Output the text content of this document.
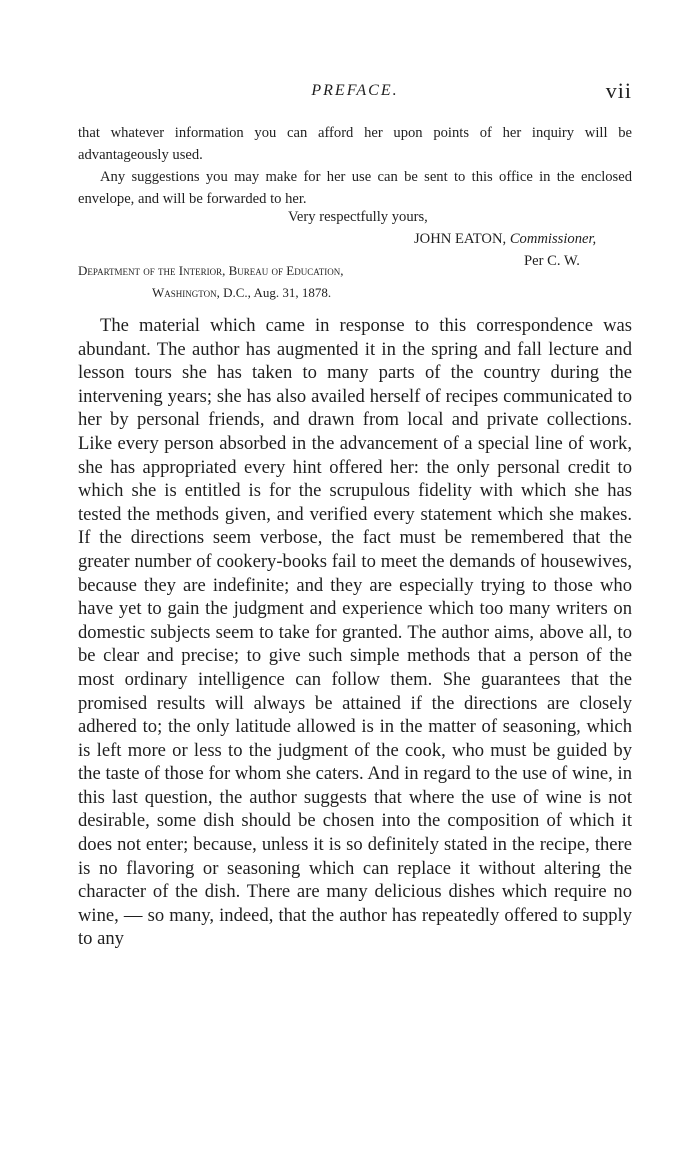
PREFACE.	vii

that whatever information you can afford her upon points of her inquiry will be advantageously used.

Any suggestions you may make for her use can be sent to this office in the enclosed envelope, and will be forwarded to her.

Very respectfully yours,
JOHN EATON, Commissioner,
Per C. W.
Department of the Interior, Bureau of Education,
Washington, D.C., Aug. 31, 1878.

The material which came in response to this correspondence was abundant. The author has augmented it in the spring and fall lecture and lesson tours she has taken to many parts of the country during the intervening years; she has also availed herself of recipes communicated to her by personal friends, and drawn from local and private collections. Like every person absorbed in the advancement of a special line of work, she has appropriated every hint offered her: the only personal credit to which she is entitled is for the scrupulous fidelity with which she has tested the methods given, and verified every statement which she makes. If the directions seem verbose, the fact must be remembered that the greater number of cookery-books fail to meet the demands of housewives, because they are indefinite; and they are especially trying to those who have yet to gain the judgment and experience which too many writers on domestic subjects seem to take for granted. The author aims, above all, to be clear and precise; to give such simple methods that a person of the most ordinary intelligence can follow them. She guarantees that the promised results will always be attained if the directions are closely adhered to; the only latitude allowed is in the matter of seasoning, which is left more or less to the judgment of the cook, who must be guided by the taste of those for whom she caters. And in regard to the use of wine, in this last question, the author suggests that where the use of wine is not desirable, some dish should be chosen into the composition of which it does not enter; because, unless it is so definitely stated in the recipe, there is no flavoring or seasoning which can replace it without altering the character of the dish. There are many delicious dishes which require no wine, — so many, indeed, that the author has repeatedly offered to supply to any
